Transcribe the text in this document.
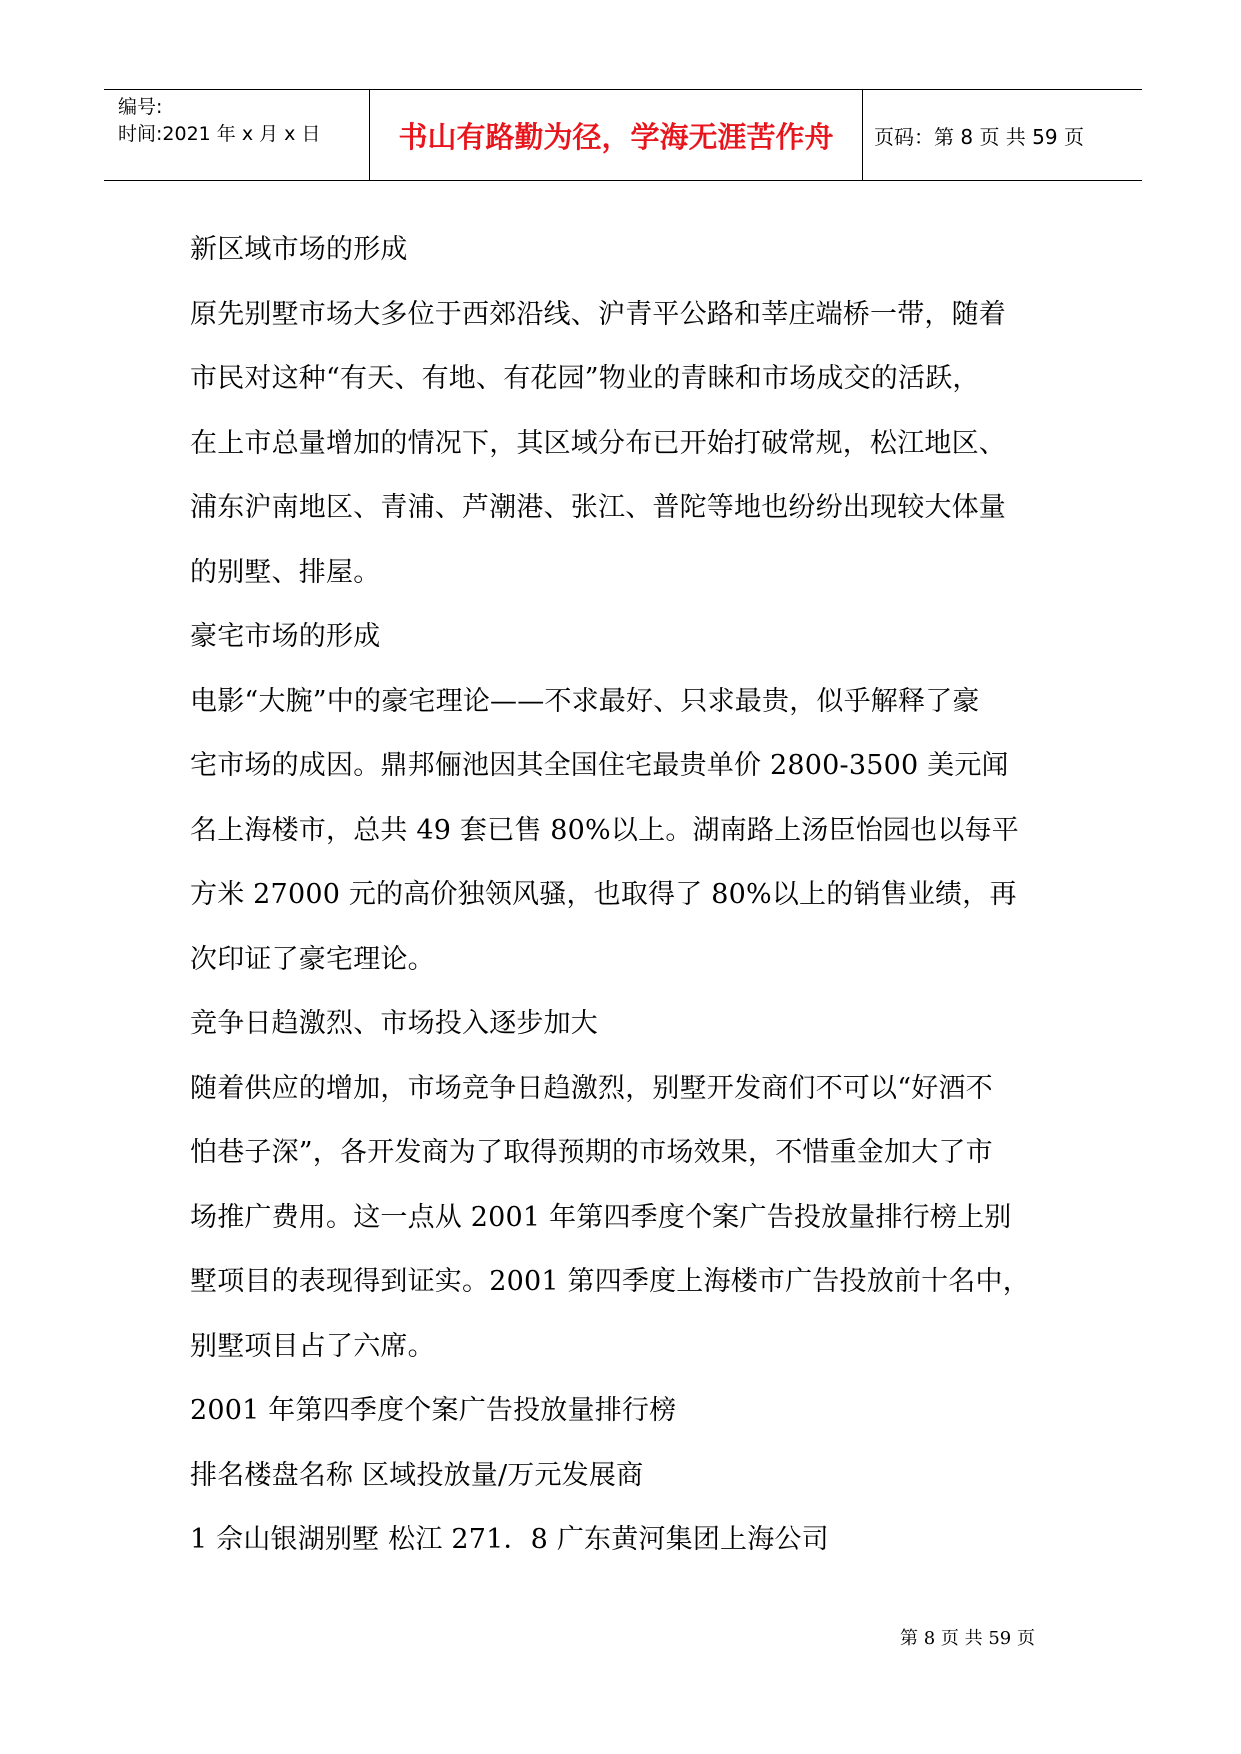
编号:
时间:2021 年 x 月 x 日	书山有路勤为径，学海无涯苦作舟	页码：第 8 页 共 59 页
新区域市场的形成
原先别墅市场大多位于西郊沿线、沪青平公路和莘庄端桥一带，随着
市民对这种“有天、有地、有花园”物业的青睐和市场成交的活跃，
在上市总量增加的情况下，其区域分布已开始打破常规，松江地区、
浦东沪南地区、青浦、芦潮港、张江、普陀等地也纷纷出现较大体量
的别墅、排屋。
豪宅市场的形成
电影“大腕”中的豪宅理论——不求最好、只求最贵，似乎解释了豪
宅市场的成因。鼎邦俪池因其全国住宅最贵单价 2800-3500 美元闻
名上海楼市，总共 49 套已售 80%以上。湖南路上汤臣怡园也以每平
方米 27000 元的高价独领风骚，也取得了 80%以上的销售业绩，再
次印证了豪宅理论。
竞争日趋激烈、市场投入逐步加大
随着供应的增加，市场竞争日趋激烈，别墅开发商们不可以“好酒不
怕巷子深”，各开发商为了取得预期的市场效果，不惜重金加大了市
场推广费用。这一点从 2001 年第四季度个案广告投放量排行榜上别
墅项目的表现得到证实。2001 第四季度上海楼市广告投放前十名中，
别墅项目占了六席。
2001 年第四季度个案广告投放量排行榜
排名楼盘名称 区域投放量/万元发展商
1 佘山银湖别墅 松江 271．8 广东黄河集团上海公司
第 8 页 共 59 页
